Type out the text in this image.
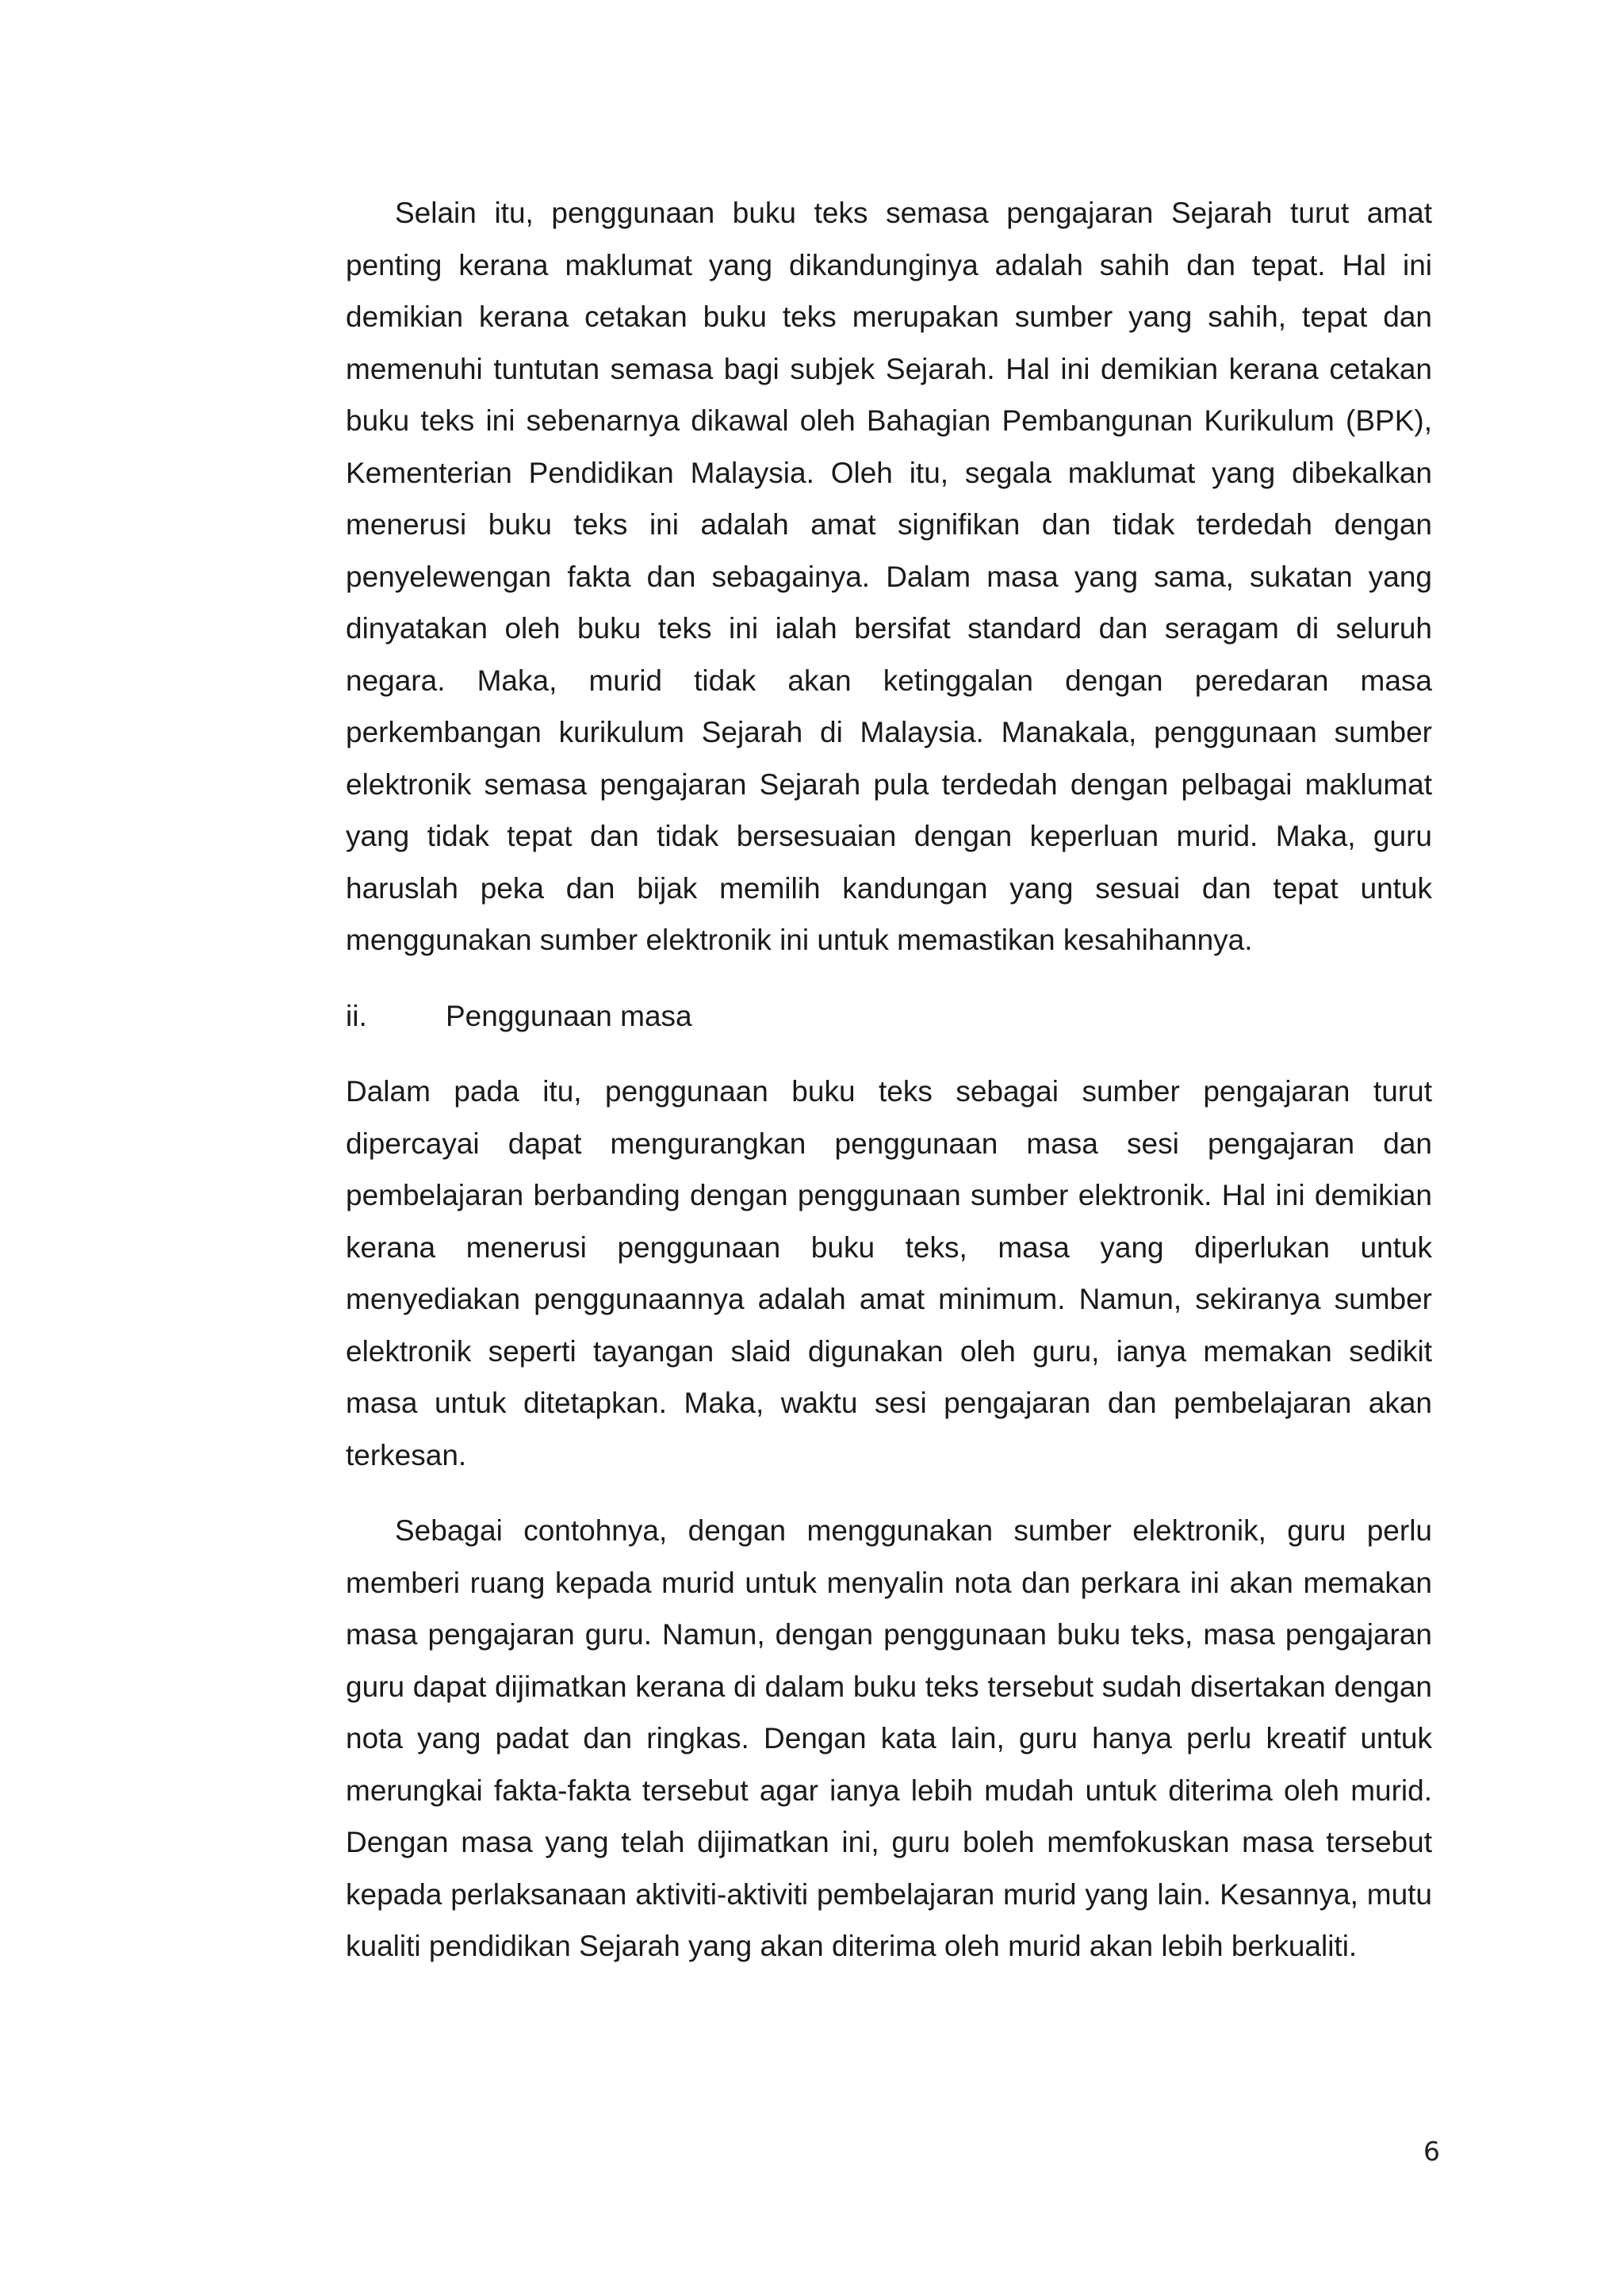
Selain itu, penggunaan buku teks semasa pengajaran Sejarah turut amat penting kerana maklumat yang dikandunginya adalah sahih dan tepat. Hal ini demikian kerana cetakan buku teks merupakan sumber yang sahih, tepat dan memenuhi tuntutan semasa bagi subjek Sejarah. Hal ini demikian kerana cetakan buku teks ini sebenarnya dikawal oleh Bahagian Pembangunan Kurikulum (BPK), Kementerian Pendidikan Malaysia. Oleh itu, segala maklumat yang dibekalkan menerusi buku teks ini adalah amat signifikan dan tidak terdedah dengan penyelewengan fakta dan sebagainya. Dalam masa yang sama, sukatan yang dinyatakan oleh buku teks ini ialah bersifat standard dan seragam di seluruh negara. Maka, murid tidak akan ketinggalan dengan peredaran masa perkembangan kurikulum Sejarah di Malaysia. Manakala, penggunaan sumber elektronik semasa pengajaran Sejarah pula terdedah dengan pelbagai maklumat yang tidak tepat dan tidak bersesuaian dengan keperluan murid. Maka, guru haruslah peka dan bijak memilih kandungan yang sesuai dan tepat untuk menggunakan sumber elektronik ini untuk memastikan kesahihannya.

ii.	Penggunaan masa

Dalam pada itu, penggunaan buku teks sebagai sumber pengajaran turut dipercayai dapat mengurangkan penggunaan masa sesi pengajaran dan pembelajaran berbanding dengan penggunaan sumber elektronik. Hal ini demikian kerana menerusi penggunaan buku teks, masa yang diperlukan untuk menyediakan penggunaannya adalah amat minimum. Namun, sekiranya sumber elektronik seperti tayangan slaid digunakan oleh guru, ianya memakan sedikit masa untuk ditetapkan. Maka, waktu sesi pengajaran dan pembelajaran akan terkesan.

Sebagai contohnya, dengan menggunakan sumber elektronik, guru perlu memberi ruang kepada murid untuk menyalin nota dan perkara ini akan memakan masa pengajaran guru. Namun, dengan penggunaan buku teks, masa pengajaran guru dapat dijimatkan kerana di dalam buku teks tersebut sudah disertakan dengan nota yang padat dan ringkas. Dengan kata lain, guru hanya perlu kreatif untuk merungkai fakta-fakta tersebut agar ianya lebih mudah untuk diterima oleh murid. Dengan masa yang telah dijimatkan ini, guru boleh memfokuskan masa tersebut kepada perlaksanaan aktiviti-aktiviti pembelajaran murid yang lain. Kesannya, mutu kualiti pendidikan Sejarah yang akan diterima oleh murid akan lebih berkualiti.

6
